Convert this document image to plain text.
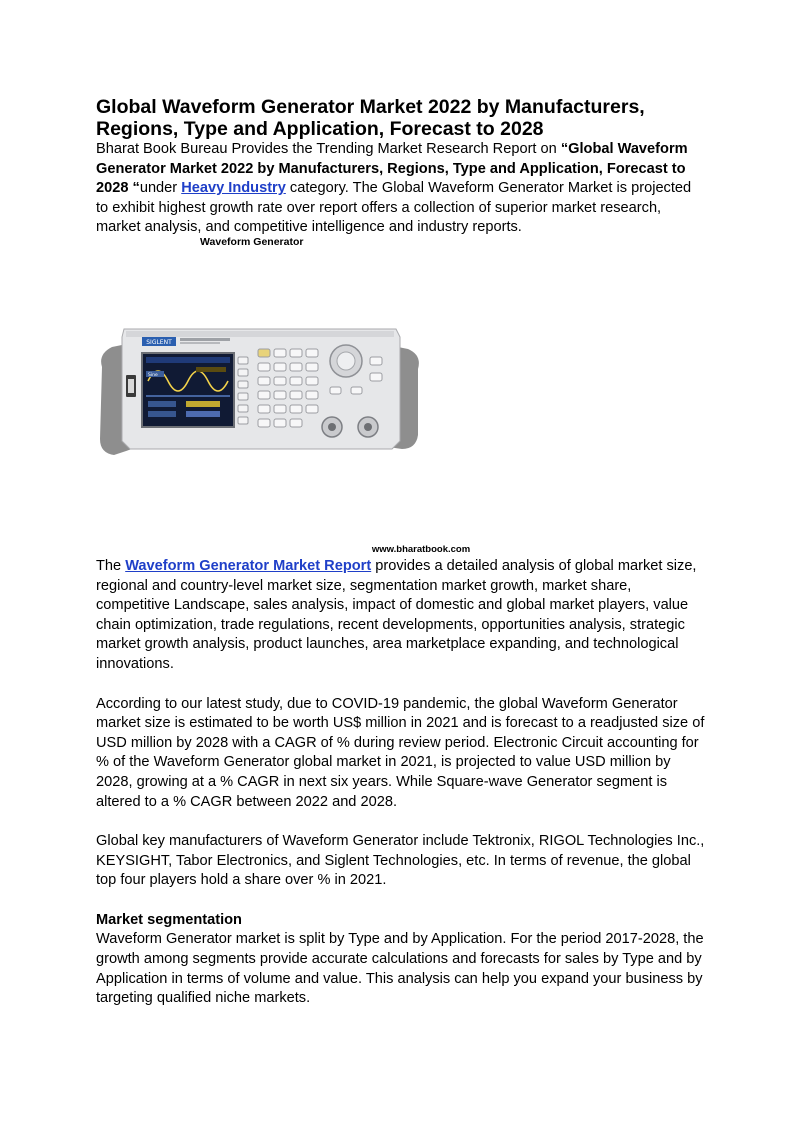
Global Waveform Generator Market 2022 by Manufacturers, Regions, Type and Application, Forecast to 2028

Bharat Book Bureau Provides the Trending Market Research Report on “Global Waveform Generator Market 2022 by Manufacturers, Regions, Type and Application, Forecast to 2028 “under Heavy Industry category. The Global Waveform Generator Market is projected to exhibit highest growth rate over report offers a collection of superior market research, market analysis, and competitive intelligence and industry reports.

Waveform Generator
SIGLENT
Sine
www.bharatbook.com

The Waveform Generator Market Report provides a detailed analysis of global market size, regional and country-level market size, segmentation market growth, market share, competitive Landscape, sales analysis, impact of domestic and global market players, value chain optimization, trade regulations, recent developments, opportunities analysis, strategic market growth analysis, product launches, area marketplace expanding, and technological innovations.

According to our latest study, due to COVID-19 pandemic, the global Waveform Generator market size is estimated to be worth US$ million in 2021 and is forecast to a readjusted size of USD million by 2028 with a CAGR of % during review period. Electronic Circuit accounting for % of the Waveform Generator global market in 2021, is projected to value USD million by 2028, growing at a % CAGR in next six years. While Square-wave Generator segment is altered to a % CAGR between 2022 and 2028.

Global key manufacturers of Waveform Generator include Tektronix, RIGOL Technologies Inc., KEYSIGHT, Tabor Electronics, and Siglent Technologies, etc. In terms of revenue, the global top four players hold a share over % in 2021.

Market segmentation

Waveform Generator market is split by Type and by Application. For the period 2017-2028, the growth among segments provide accurate calculations and forecasts for sales by Type and by Application in terms of volume and value. This analysis can help you expand your business by targeting qualified niche markets.
